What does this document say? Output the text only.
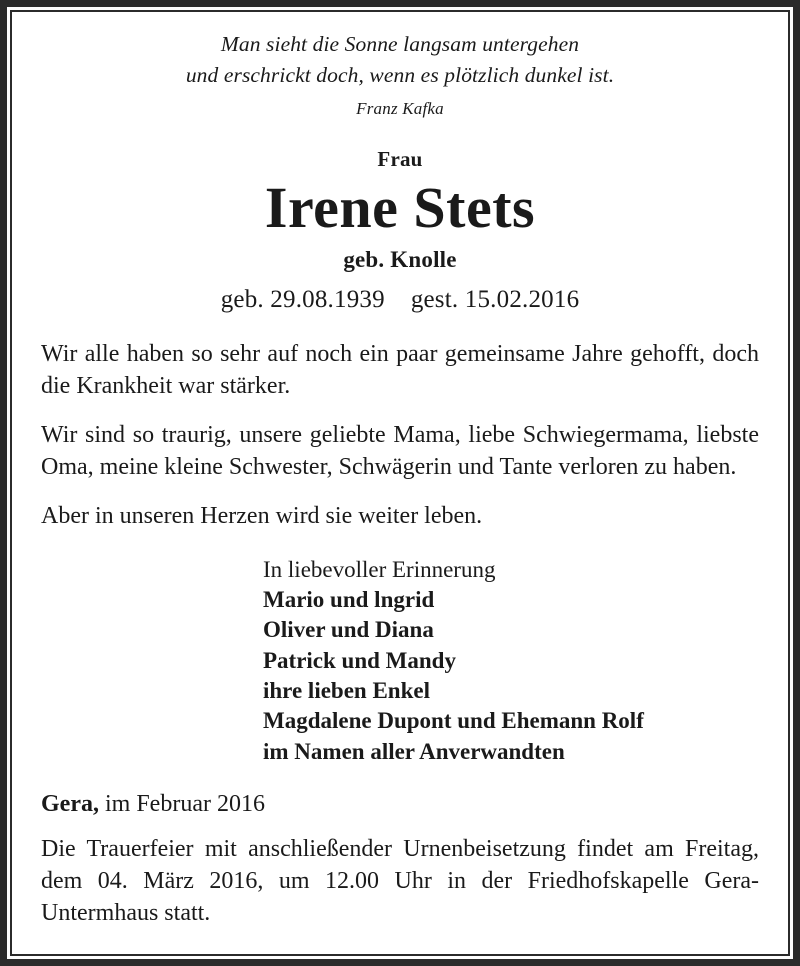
Man sieht die Sonne langsam untergehen
und erschrickt doch, wenn es plötzlich dunkel ist.
Franz Kafka
Frau
Irene Stets
geb. Knolle
geb. 29.08.1939 gest. 15.02.2016

Wir alle haben so sehr auf noch ein paar gemeinsame Jahre gehofft, doch die Krankheit war stärker.

Wir sind so traurig, unsere geliebte Mama, liebe Schwiegermama, liebste Oma, meine kleine Schwester, Schwägerin und Tante verloren zu haben.

Aber in unseren Herzen wird sie weiter leben.

In liebevoller Erinnerung
Mario und lngrid
Oliver und Diana
Patrick und Mandy
ihre lieben Enkel
Magdalene Dupont und Ehemann Rolf
im Namen aller Anverwandten
Gera, im Februar 2016
Die Trauerfeier mit anschließender Urnenbeisetzung findet am Freitag, dem 04. März 2016, um 12.00 Uhr in der Friedhofskapelle Gera-Untermhaus statt.
